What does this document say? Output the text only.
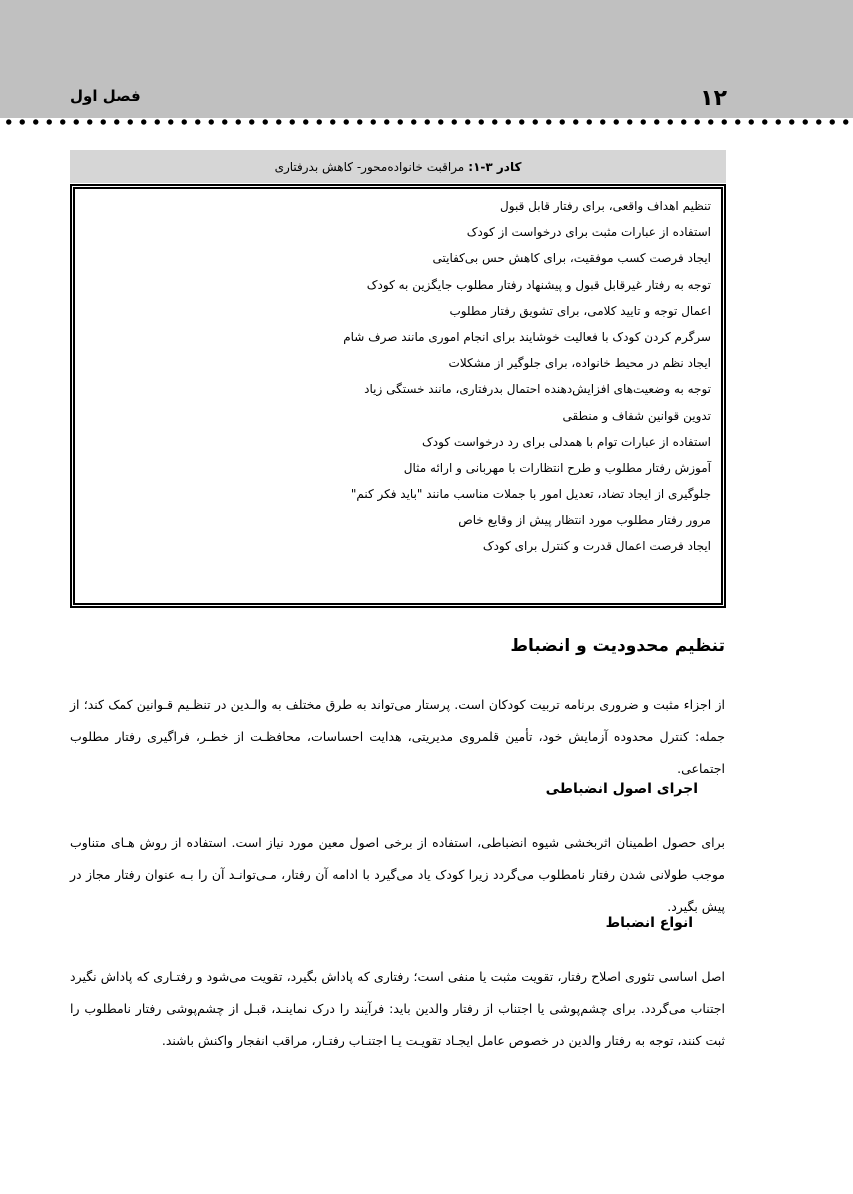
۱۲
فصل اول
کادر ۳-۱:
مراقبت خانواده‌محور- کاهش بدرفتاری
تنظیم اهداف واقعی، برای رفتار قابل قبول
استفاده از عبارات مثبت برای درخواست از کودک
ایجاد فرصت کسب موفقیت، برای کاهش حس بی‌کفایتی
توجه به رفتار غیرقابل قبول و پیشنهاد رفتار مطلوب جایگزین به کودک
اعمال توجه و تایید کلامی، برای تشویق رفتار مطلوب
سرگرم کردن کودک با فعالیت خوشایند برای انجام اموری مانند صرف شام
ایجاد نظم در محیط خانواده، برای جلوگیر از مشکلات
توجه به وضعیت‌های افزایش‌دهنده احتمال بدرفتاری، مانند خستگی زیاد
تدوین قوانین شفاف و منطقی
استفاده از عبارات توام با همدلی برای رد درخواست کودک
آموزش رفتار مطلوب و طرح انتظارات با مهربانی و ارائه مثال
جلوگیری از ایجاد تضاد، تعدیل امور با جملات مناسب مانند "باید فکر کنم"
مرور رفتار مطلوب مورد انتظار پیش از وقایع خاص
ایجاد فرصت اعمال قدرت و کنترل برای کودک
تنظیم محدودیت و انضباط

از اجزاء مثبت و ضروری برنامه تربیت کودکان است. پرستار می‌تواند به طرق مختلف به والـدین در تنظـیم قـوانین کمک کند؛ از جمله: کنترل محدوده آزمایش خود، تأمین قلمروی مدیریتی، هدایت احساسات، محافظـت از خطـر، فراگیری رفتار مطلوب اجتماعی.

اجرای اصول انضباطی

برای حصول اطمینان اثربخشی شیوه انضباطی، استفاده از برخی اصول معین مورد نیاز است. استفاده از روش هـای متناوب موجب طولانی شدن رفتار نامطلوب می‌گردد زیرا کودک یاد می‌گیرد با ادامه آن رفتار، مـی‌توانـد آن را بـه عنوان رفتار مجاز در پیش بگیرد.

انواع انضباط

اصل اساسی تئوری اصلاح رفتار، تقویت مثبت یا منفی است؛ رفتاری که پاداش بگیرد، تقویت می‌شود و رفتـاری که پاداش نگیرد اجتناب می‌گردد. برای چشم‌پوشی یا اجتناب از رفتار والدین باید: فرآیند را درک نماینـد، قبـل از چشم‌پوشی رفتار نامطلوب را ثبت کنند، توجه به رفتار والدین در خصوص عامل ایجـاد تقویـت یـا اجتنـاب رفتـار، مراقب انفجار واکنش باشند.
